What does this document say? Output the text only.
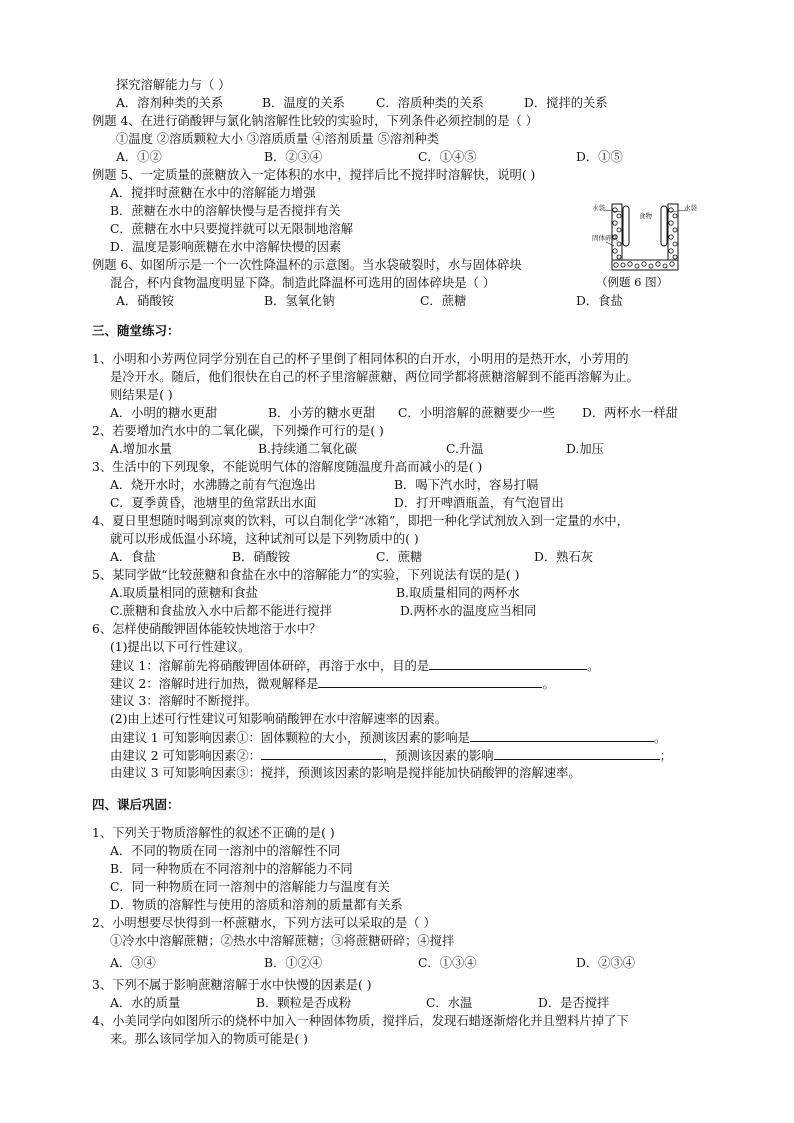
探究溶解能力与（ ）
A．溶剂种类的关系	B．温度的关系	C．溶质种类的关系	D．搅拌的关系
例题 4、在进行硝酸钾与氯化钠溶解性比较的实验时，下列条件必须控制的是（ ）
①温度 ②溶质颗粒大小 ③溶质质量 ④溶剂质量 ⑤溶剂种类
A．①②	B．②③④	C．①④⑤	D．①⑤
例题 5、一定质量的蔗糖放入一定体积的水中，搅拌后比不搅拌时溶解快，说明( )
A．搅拌时蔗糖在水中的溶解能力增强
B．蔗糖在水中的溶解快慢与是否搅拌有关
C．蔗糖在水中只要搅拌就可以无限制地溶解
D．温度是影响蔗糖在水中溶解快慢的因素
水袋
食物
水袋
固体碎块
（例题 6 图）
例题 6、如图所示是一个一次性降温杯的示意图。当水袋破裂时，水与固体碎块
混合，杯内食物温度明显下降。制造此降温杯可选用的固体碎块是（ ）
A．硝酸铵	B．氢氧化钠	C．蔗糖	D．食盐
三、随堂练习：
1、小明和小芳两位同学分别在自己的杯子里倒了相同体积的白开水，小明用的是热开水，小芳用的
是冷开水。随后，他们很快在自己的杯子里溶解蔗糖，两位同学都将蔗糖溶解到不能再溶解为止。
则结果是( )
A．小明的糖水更甜	B．小芳的糖水更甜 C．小明溶解的蔗糖要少一些 D．两杯水一样甜
2、若要增加汽水中的二氧化碳，下列操作可行的是( )
A.增加水量	B.持续通二氧化碳	C.升温	D.加压
3、生活中的下列现象，不能说明气体的溶解度随温度升高而减小的是( )
A．烧开水时，水沸腾之前有气泡逸出	B．喝下汽水时，容易打嗝
C．夏季黄昏，池塘里的鱼常跃出水面	D．打开啤酒瓶盖，有气泡冒出
4、夏日里想随时喝到凉爽的饮料，可以自制化学“冰箱”，即把一种化学试剂放入到一定量的水中，
就可以形成低温小环境，这种试剂可以是下列物质中的( )
A．食盐	B．硝酸铵	C．蔗糖	D．熟石灰
5、某同学做“比较蔗糖和食盐在水中的溶解能力”的实验，下列说法有误的是( )
A.取质量相同的蔗糖和食盐	B.取质量相同的两杯水
C.蔗糖和食盐放入水中后都不能进行搅拌	D.两杯水的温度应当相同
6、怎样使硝酸钾固体能较快地溶于水中？
(1)提出以下可行性建议。
建议 1：溶解前先将硝酸钾固体研碎，再溶于水中，目的是	。
建议 2：溶解时进行加热，微观解释是	。
建议 3：溶解时不断搅拌。
(2)由上述可行性建议可知影响硝酸钾在水中溶解速率的因素。
由建议 1 可知影响因素①：固体颗粒的大小，预测该因素的影响是	。
由建议 2 可知影响因素②：	，预测该因素的影响	；
由建议 3 可知影响因素③：搅拌，预测该因素的影响是搅拌能加快硝酸钾的溶解速率。
四、课后巩固：
1、下列关于物质溶解性的叙述不正确的是( )
A．不同的物质在同一溶剂中的溶解性不同
B．同一种物质在不同溶剂中的溶解能力不同
C．同一种物质在同一溶剂中的溶解能力与温度有关
D．物质的溶解性与使用的溶质和溶剂的质量都有关系
2、小明想要尽快得到一杯蔗糖水，下列方法可以采取的是（ ）
①冷水中溶解蔗糖；②热水中溶解蔗糖；③将蔗糖研碎；④搅拌
A．③④	B．①②④	C．①③④	D．②③④
3、下列不属于影响蔗糖溶解于水中快慢的因素是( )
A．水的质量	B．颗粒是否成粉	C．水温	D．是否搅拌
4、小美同学向如图所示的烧杯中加入一种固体物质，搅拌后，发现石蜡逐渐熔化并且塑料片掉了下
来。那么该同学加入的物质可能是( )
